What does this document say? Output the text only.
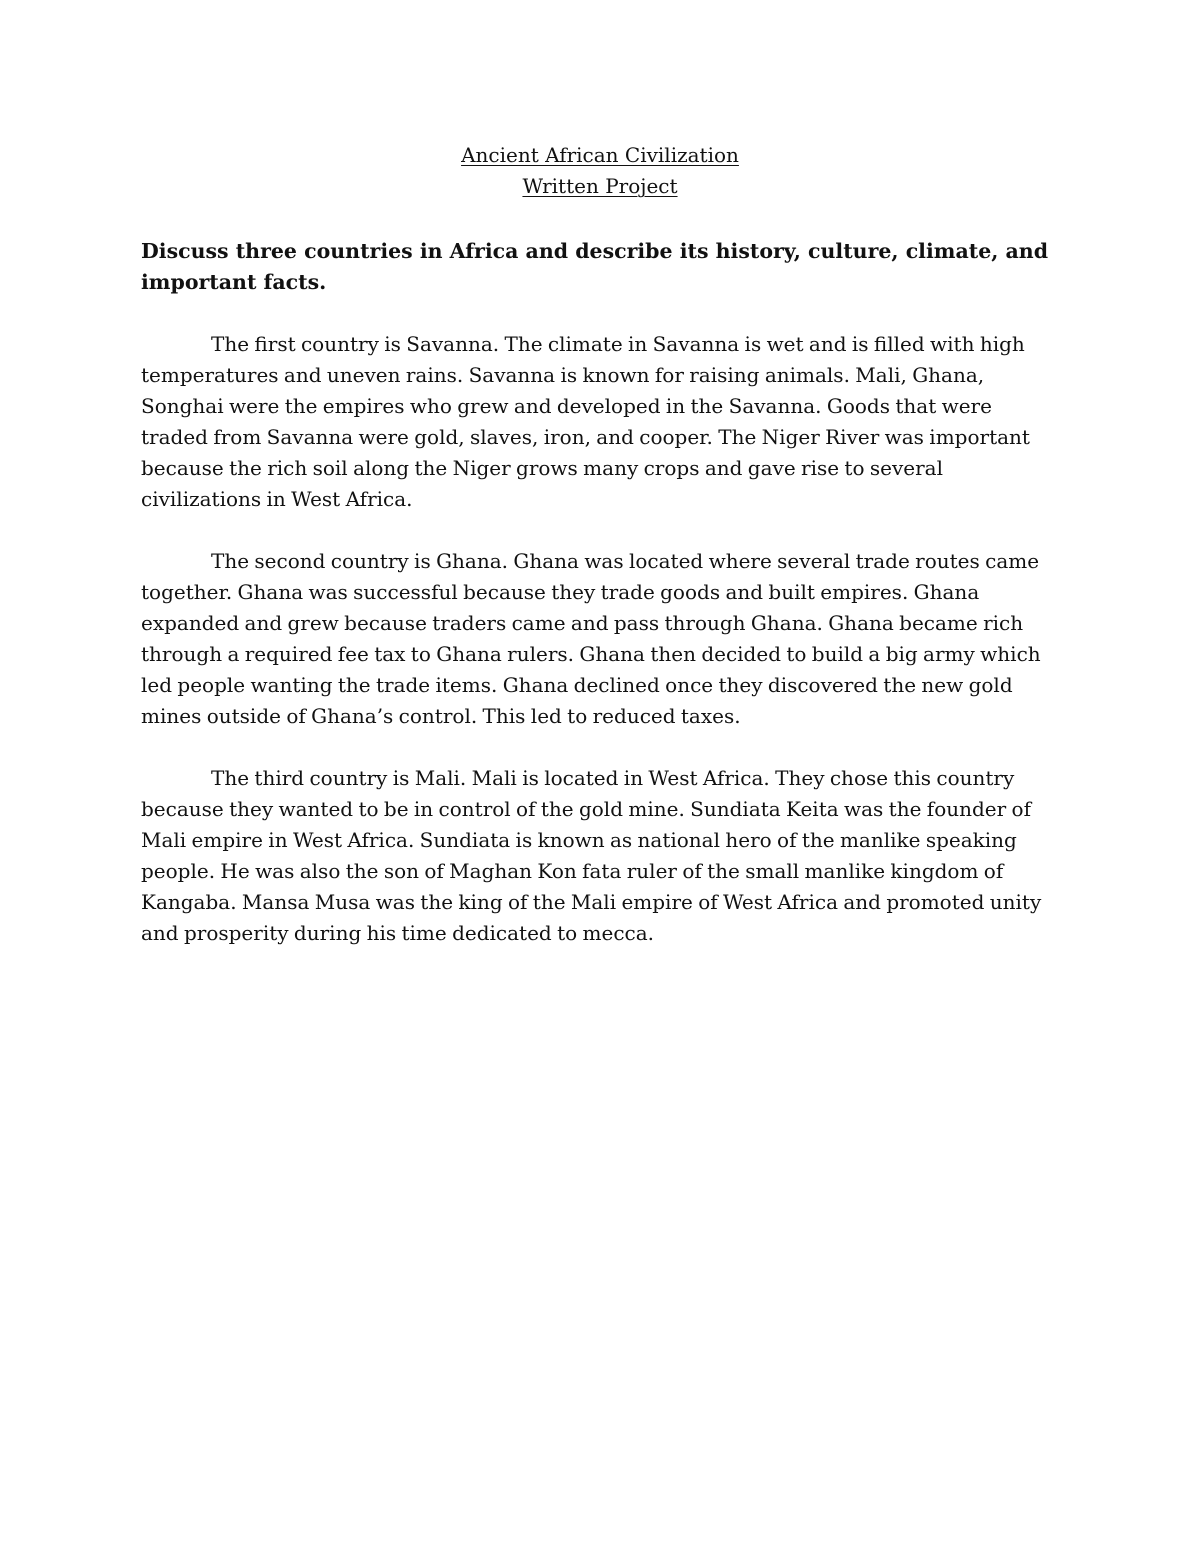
Ancient African Civilization
Written Project
Discuss three countries in Africa and describe its history, culture, climate, and important facts.

The first country is Savanna. The climate in Savanna is wet and is filled with high temperatures and uneven rains. Savanna is known for raising animals. Mali, Ghana, Songhai were the empires who grew and developed in the Savanna. Goods that were traded from Savanna were gold, slaves, iron, and cooper. The Niger River was important because the rich soil along the Niger grows many crops and gave rise to several civilizations in West Africa.

The second country is Ghana. Ghana was located where several trade routes came together. Ghana was successful because they trade goods and built empires. Ghana expanded and grew because traders came and pass through Ghana. Ghana became rich through a required fee tax to Ghana rulers. Ghana then decided to build a big army which led people wanting the trade items. Ghana declined once they discovered the new gold mines outside of Ghana’s control. This led to reduced taxes.

The third country is Mali. Mali is located in West Africa. They chose this country because they wanted to be in control of the gold mine. Sundiata Keita was the founder of Mali empire in West Africa. Sundiata is known as national hero of the manlike speaking people. He was also the son of Maghan Kon fata ruler of the small manlike kingdom of Kangaba. Mansa Musa was the king of the Mali empire of West Africa and promoted unity and prosperity during his time dedicated to mecca.
